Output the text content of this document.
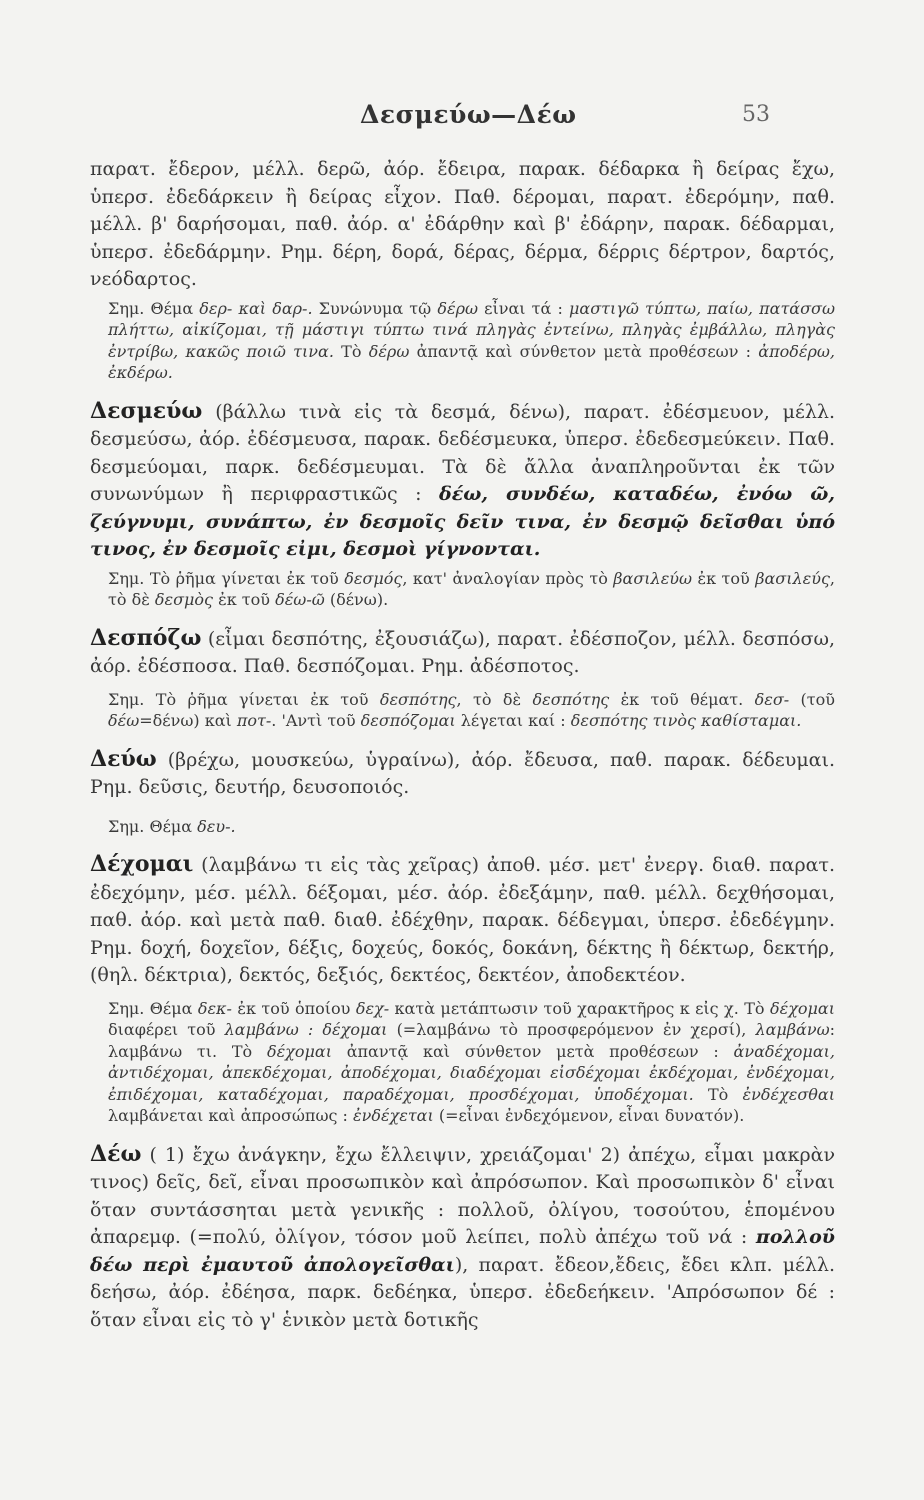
Δεσμεύω—Δέω	53

παρατ. ἔδερον, μέλλ. δερῶ, ἀόρ. ἔδειρα, παρακ. δέδαρκα ἢ δείρας ἔχω, ὑπερσ. ἐδεδάρκειν ἢ δείρας εἶχον. Παθ. δέρομαι, παρατ. ἐδερόμην, παθ. μέλλ. β' δαρήσομαι, παθ. ἀόρ. α' ἐδάρθην καὶ β' ἐδάρην, παρακ. δέδαρμαι, ὑπερσ. ἐδεδάρμην. Ρημ. δέρη, δορά, δέρας, δέρμα, δέρρις δέρτρον, δαρτός, νεόδαρτος.

Σημ. Θέμα δερ- καὶ δαρ-. Συνώνυμα τῷ δέρω εἶναι τά : μαστιγῶ τύπτω, παίω, πατάσσω πλήττω, αἰκίζομαι, τῇ μάστιγι τύπτω τινά πληγὰς ἐντείνω, πληγὰς ἐμβάλλω, πληγὰς ἐντρίβω, κακῶς ποιῶ τινα. Τὸ δέρω ἀπαντᾷ καὶ σύνθετον μετὰ προθέσεων : ἀποδέρω, ἐκδέρω.

Δεσμεύω (βάλλω τινὰ εἰς τὰ δεσμά, δένω), παρατ. ἐδέσμευον, μέλλ. δεσμεύσω, ἀόρ. ἐδέσμευσα, παρακ. δεδέσμευκα, ὑπερσ. ἐδεδεσμεύκειν. Παθ. δεσμεύομαι, παρκ. δεδέσμευμαι. Τὰ δὲ ἄλλα ἀναπληροῦνται ἐκ τῶν συνωνύμων ἢ περιφραστικῶς : δέω, συνδέω, καταδέω, ἐνόω ῶ, ζεύγνυμι, συνάπτω, ἐν δεσμοῖς δεῖν τινα, ἐν δεσμῷ δεῖσθαι ὑπό τινος, ἐν δεσμοῖς εἰμι, δεσμοὶ γίγνονται.

Σημ. Τὸ ῥῆμα γίνεται ἐκ τοῦ δεσμός, κατ' ἀναλογίαν πρὸς τὸ βασιλεύω ἐκ τοῦ βασιλεύς, τὸ δὲ δεσμὸς ἐκ τοῦ δέω-ῶ (δένω).

Δεσπόζω (εἶμαι δεσπότης, ἐξουσιάζω), παρατ. ἐδέσποζον, μέλλ. δεσπόσω, ἀόρ. ἐδέσποσα. Παθ. δεσπόζομαι. Ρημ. ἀδέσποτος.

Σημ. Τὸ ῥῆμα γίνεται ἐκ τοῦ δεσπότης, τὸ δὲ δεσπότης ἐκ τοῦ θέματ. δεσ- (τοῦ δέω=δένω) καὶ ποτ-. 'Αντὶ τοῦ δεσπόζομαι λέγεται καί : δεσπότης τινὸς καθίσταμαι.

Δεύω (βρέχω, μουσκεύω, ὑγραίνω), ἀόρ. ἔδευσα, παθ. παρακ. δέδευμαι. Ρημ. δεῦσις, δευτήρ, δευσοποιός.

Σημ. Θέμα δευ-.

Δέχομαι (λαμβάνω τι εἰς τὰς χεῖρας) ἀποθ. μέσ. μετ' ἐνεργ. διαθ. παρατ. ἐδεχόμην, μέσ. μέλλ. δέξομαι, μέσ. ἀόρ. ἐδεξάμην, παθ. μέλλ. δεχθήσομαι, παθ. ἀόρ. καὶ μετὰ παθ. διαθ. ἐδέχθην, παρακ. δέδεγμαι, ὑπερσ. ἐδεδέγμην. Ρημ. δοχή, δοχεῖον, δέξις, δοχεύς, δοκός, δοκάνη, δέκτης ἢ δέκτωρ, δεκτήρ, (θηλ. δέκτρια), δεκτός, δεξιός, δεκτέος, δεκτέον, ἀποδεκτέον.

Σημ. Θέμα δεκ- ἐκ τοῦ ὁποίου δεχ- κατὰ μετάπτωσιν τοῦ χαρακτῆρος κ εἰς χ. Τὸ δέχομαι διαφέρει τοῦ λαμβάνω : δέχομαι (=λαμβάνω τὸ προσφερόμενον ἐν χερσί), λαμβάνω: λαμβάνω τι. Τὸ δέχομαι ἀπαντᾷ καὶ σύνθετον μετὰ προθέσεων : ἀναδέχομαι, ἀντιδέχομαι, ἀπεκδέχομαι, ἀποδέχομαι, διαδέχομαι εἰσδέχομαι ἐκδέχομαι, ἐνδέχομαι, ἐπιδέχομαι, καταδέχομαι, παραδέχομαι, προσδέχομαι, ὑποδέχομαι. Τὸ ἐνδέχεσθαι λαμβάνεται καὶ ἀπροσώπως : ἐνδέχεται (=εἶναι ἐνδεχόμενον, εἶναι δυνατόν).

Δέω ( 1) ἔχω ἀνάγκην, ἔχω ἔλλειψιν, χρειάζομαι' 2) ἀπέχω, εἶμαι μακρὰν τινος) δεῖς, δεῖ, εἶναι προσωπικὸν καὶ ἀπρόσωπον. Καὶ προσωπικὸν δ' εἶναι ὅταν συντάσσηται μετὰ γενικῆς : πολλοῦ, ὀλίγου, τοσούτου, ἑπομένου ἀπαρεμφ. (=πολύ, ὀλίγον, τόσον μοῦ λείπει, πολὺ ἀπέχω τοῦ νά : πολλοῦ δέω περὶ ἐμαυτοῦ ἀπολογεῖσθαι), παρατ. ἔδεον,ἔδεις, ἔδει κλπ. μέλλ. δεήσω, ἀόρ. ἐδέησα, παρκ. δεδέηκα, ὑπερσ. ἐδεδεήκειν. 'Απρόσωπον δέ : ὅταν εἶναι εἰς τὸ γ' ἑνικὸν μετὰ δοτικῆς
